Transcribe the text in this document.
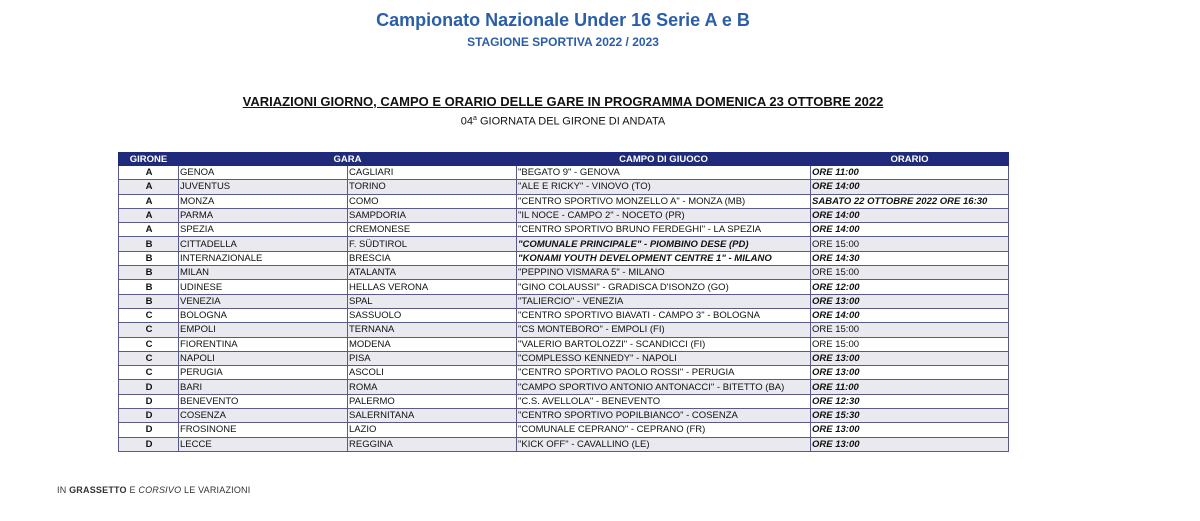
Campionato Nazionale Under 16 Serie A e B
STAGIONE SPORTIVA 2022 / 2023
VARIAZIONI GIORNO, CAMPO E ORARIO DELLE GARE IN PROGRAMMA DOMENICA 23 OTTOBRE 2022
04$^a$ GIORNATA DEL GIRONE DI ANDATA
GIRONE	GARA		CAMPO DI GIUOCO	ORARIO
A	GENOA	CAGLIARI	"BEGATO 9" - GENOVA	ORE 11:00
A	JUVENTUS	TORINO	"ALE E RICKY" - VINOVO (TO)	ORE 14:00
A	MONZA	COMO	"CENTRO SPORTIVO MONZELLO A" - MONZA (MB)	SABATO 22 OTTOBRE 2022 ORE 16:30
A	PARMA	SAMPDORIA	"IL NOCE - CAMPO 2" - NOCETO (PR)	ORE 14:00
A	SPEZIA	CREMONESE	"CENTRO SPORTIVO BRUNO FERDEGHI" - LA SPEZIA	ORE 14:00
B	CITTADELLA	F. SÜDTIROL	"COMUNALE PRINCIPALE" - PIOMBINO DESE (PD)	ORE 15:00
B	INTERNAZIONALE	BRESCIA	"KONAMI YOUTH DEVELOPMENT CENTRE 1" - MILANO	ORE 14:30
B	MILAN	ATALANTA	"PEPPINO VISMARA 5" - MILANO	ORE 15:00
B	UDINESE	HELLAS VERONA	"GINO COLAUSSI" - GRADISCA D'ISONZO (GO)	ORE 12:00
B	VENEZIA	SPAL	"TALIERCIO" - VENEZIA	ORE 13:00
C	BOLOGNA	SASSUOLO	"CENTRO SPORTIVO BIAVATI - CAMPO 3" - BOLOGNA	ORE 14:00
C	EMPOLI	TERNANA	"CS MONTEBORO" - EMPOLI (FI)	ORE 15:00
C	FIORENTINA	MODENA	"VALERIO BARTOLOZZI" - SCANDICCI (FI)	ORE 15:00
C	NAPOLI	PISA	"COMPLESSO KENNEDY" - NAPOLI	ORE 13:00
C	PERUGIA	ASCOLI	"CENTRO SPORTIVO PAOLO ROSSI" - PERUGIA	ORE 13:00
D	BARI	ROMA	"CAMPO SPORTIVO ANTONIO ANTONACCI" - BITETTO (BA)	ORE 11:00
D	BENEVENTO	PALERMO	"C.S. AVELLOLA" - BENEVENTO	ORE 12:30
D	COSENZA	SALERNITANA	"CENTRO SPORTIVO POPILBIANCO" - COSENZA	ORE 15:30
D	FROSINONE	LAZIO	"COMUNALE CEPRANO" - CEPRANO (FR)	ORE 13:00
D	LECCE	REGGINA	"KICK OFF" - CAVALLINO (LE)	ORE 13:00
IN GRASSETTO E CORSIVO LE VARIAZIONI
